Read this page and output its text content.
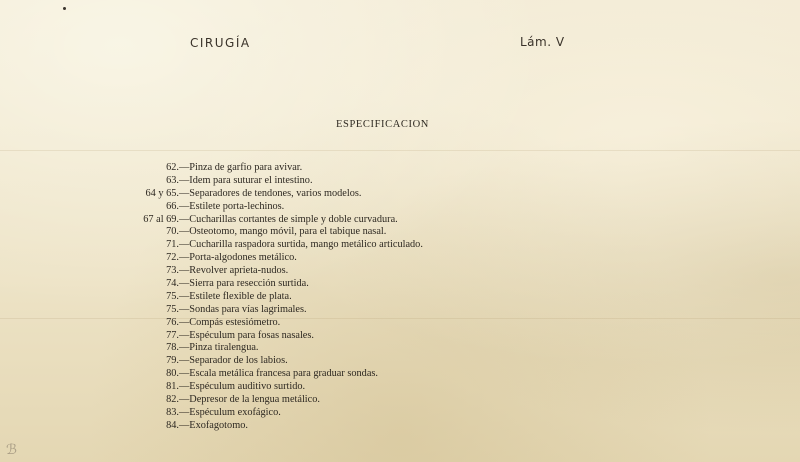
CIRUGÍA	Lám. V
ESPECIFICACION
62. —Pinza de garfio para avivar.
63. —Idem para suturar el intestino.
64 y 65. —Separadores de tendones, varios modelos.
66. —Estilete porta-lechinos.
67 al 69. —Cucharillas cortantes de simple y doble curvadura.
70. —Osteotomo, mango móvil, para el tabique nasal.
71. —Cucharilla raspadora surtida, mango metálico articulado.
72. —Porta-algodones metálico.
73. —Revolver aprieta-nudos.
74. —Sierra para resección surtida.
75. —Estilete flexible de plata.
75. —Sondas para vías lagrimales.
76. —Compás estesiómetro.
77. —Espéculum para fosas nasales.
78. —Pinza tiralengua.
79. —Separador de los labios.
80. —Escala metálica francesa para graduar sondas.
81. —Espéculum auditivo surtido.
82. —Depresor de la lengua metálico.
83. —Espéculum exofágico.
84. —Exofagotomo.
ℬ
